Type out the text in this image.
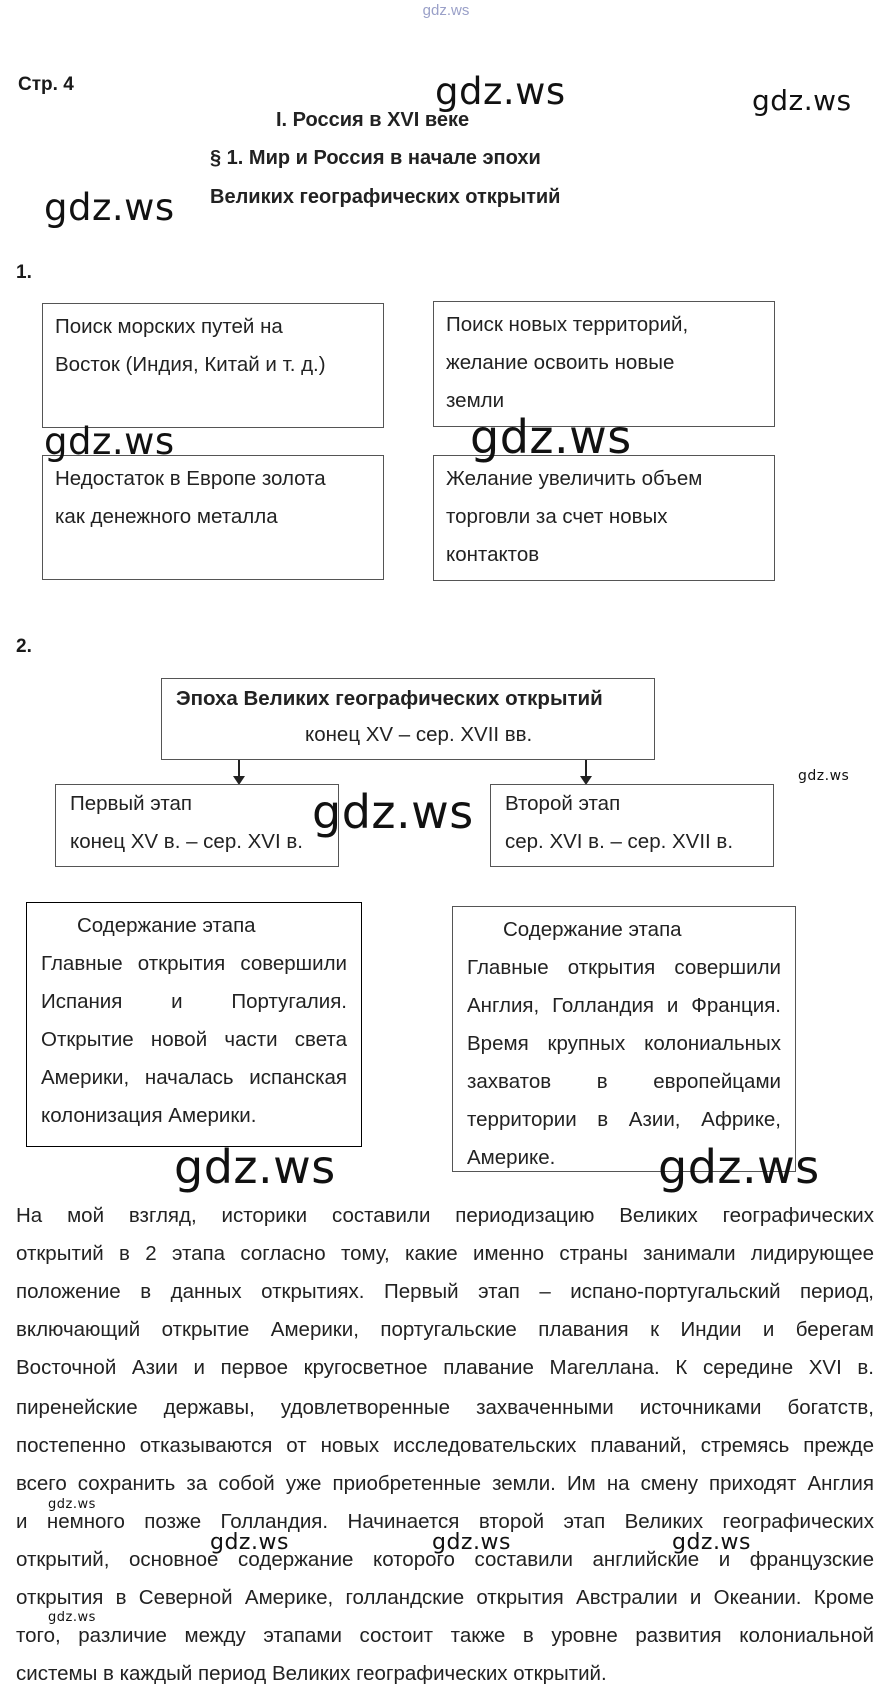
gdz.ws
Стр. 4
I. Россия в XVI веке
§ 1. Мир и Россия в начале эпохи
Великих географических открытий
gdz.ws	gdz.ws
gdz.ws
1.
Поиск морских путей на
Восток (Индия, Китай и т. д.)
Поиск новых территорий,
желание освоить новые
земли
Недостаток в Европе золота
как денежного металла
Желание увеличить объем
торговли за счет новых
контактов
gdz.ws	gdz.ws
2.
Эпоха Великих географических открытий
конец XV – сер. XVII вв.
Первый этап
конец XV в. – сер. XVI в.
Второй этап
сер. XVI в. – сер. XVII в.
gdz.ws
gdz.ws
Содержание этапа
Главные открытия совершили
Испания и Португалия.
Открытие новой части света
Америки, началась испанская
колонизация Америки.
Содержание этапа
Главные открытия совершили
Англия, Голландия и Франция.
Время крупных колониальных
захватов в европейцами
территории в Азии, Африке,
Америке.
gdz.ws	gdz.ws
На мой взгляд, историки составили периодизацию Великих географических
открытий в 2 этапа согласно тому, какие именно страны занимали лидирующее
положение в данных открытиях. Первый этап – испано-португальский период,
включающий открытие Америки, португальские плавания к Индии и берегам
Восточной Азии и первое кругосветное плавание Магеллана. К середине XVI в.
пиренейские державы, удовлетворенные захваченными источниками богатств,
постепенно отказываются от новых исследовательских плаваний, стремясь прежде
всего сохранить за собой уже приобретенные земли. Им на смену приходят Англия
и немного позже Голландия. Начинается второй этап Великих географических
открытий, основное содержание которого составили английские и французские
открытия в Северной Америке, голландские открытия Австралии и Океании. Кроме
того, различие между этапами состоит также в уровне развития колониальной
системы в каждый период Великих географических открытий.
gdz.ws
gdz.ws	gdz.ws	gdz.ws
gdz.ws
